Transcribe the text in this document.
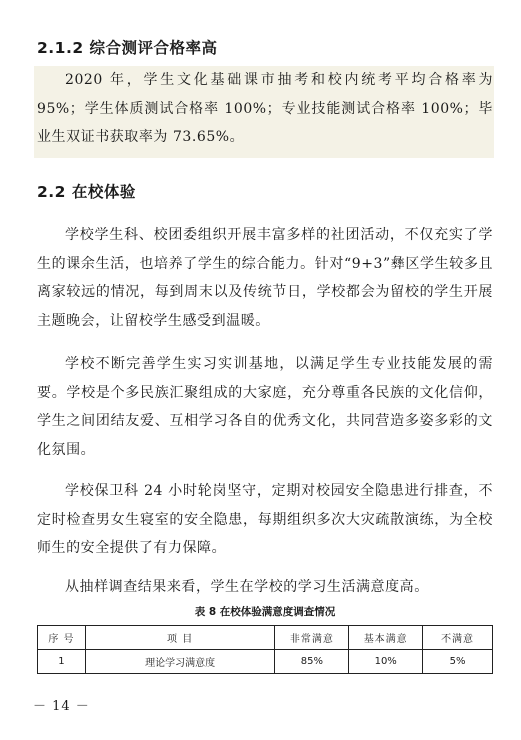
2.1.2 综合测评合格率高

2020 年，学生文化基础课市抽考和校内统考平均合格率为 95%；学生体质测试合格率 100%；专业技能测试合格率 100%；毕业生双证书获取率为 73.65%。

2.2 在校体验

学校学生科、校团委组织开展丰富多样的社团活动，不仅充实了学生的课余生活，也培养了学生的综合能力。针对“9+3”彝区学生较多且离家较远的情况，每到周末以及传统节日，学校都会为留校的学生开展主题晚会，让留校学生感受到温暖。

学校不断完善学生实习实训基地，以满足学生专业技能发展的需要。学校是个多民族汇聚组成的大家庭，充分尊重各民族的文化信仰，学生之间团结友爱、互相学习各自的优秀文化，共同营造多姿多彩的文化氛围。

学校保卫科 24 小时轮岗坚守，定期对校园安全隐患进行排查，不定时检查男女生寝室的安全隐患，每期组织多次大灾疏散演练，为全校师生的安全提供了有力保障。

从抽样调查结果来看，学生在学校的学习生活满意度高。

表 8 在校体验满意度调查情况
序 号	项 目	非常满意	基本满意	不满意
1	理论学习满意度	85%	10%	5%
－ 14 －
